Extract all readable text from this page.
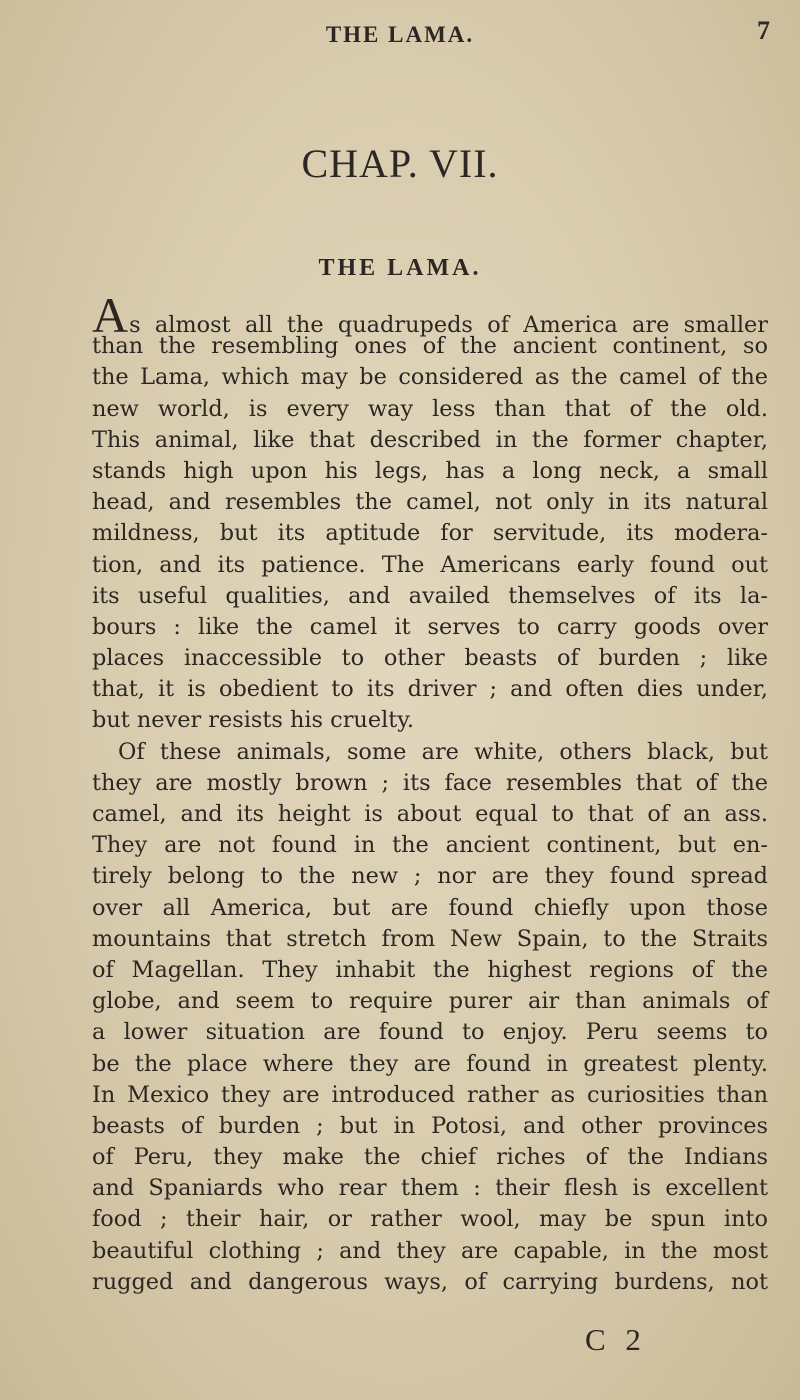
THE LAMA.	7
CHAP. VII.
THE LAMA.
As almost all the quadrupeds of America are smaller
than the resembling ones of the ancient continent, so
the Lama, which may be considered as the camel of the
new world, is every way less than that of the old.
This animal, like that described in the former chapter,
stands high upon his legs, has a long neck, a small
head, and resembles the camel, not only in its natural
mildness, but its aptitude for servitude, its modera-
tion, and its patience. The Americans early found out
its useful qualities, and availed themselves of its la-
bours : like the camel it serves to carry goods over
places inaccessible to other beasts of burden ; like
that, it is obedient to its driver ; and often dies under,
but never resists his cruelty.
Of these animals, some are white, others black, but
they are mostly brown ; its face resembles that of the
camel, and its height is about equal to that of an ass.
They are not found in the ancient continent, but en-
tirely belong to the new ; nor are they found spread
over all America, but are found chiefly upon those
mountains that stretch from New Spain, to the Straits
of Magellan. They inhabit the highest regions of the
globe, and seem to require purer air than animals of
a lower situation are found to enjoy. Peru seems to
be the place where they are found in greatest plenty.
In Mexico they are introduced rather as curiosities than
beasts of burden ; but in Potosi, and other provinces
of Peru, they make the chief riches of the Indians
and Spaniards who rear them : their flesh is excellent
food ; their hair, or rather wool, may be spun into
beautiful clothing ; and they are capable, in the most
rugged and dangerous ways, of carrying burdens, not
C 2
